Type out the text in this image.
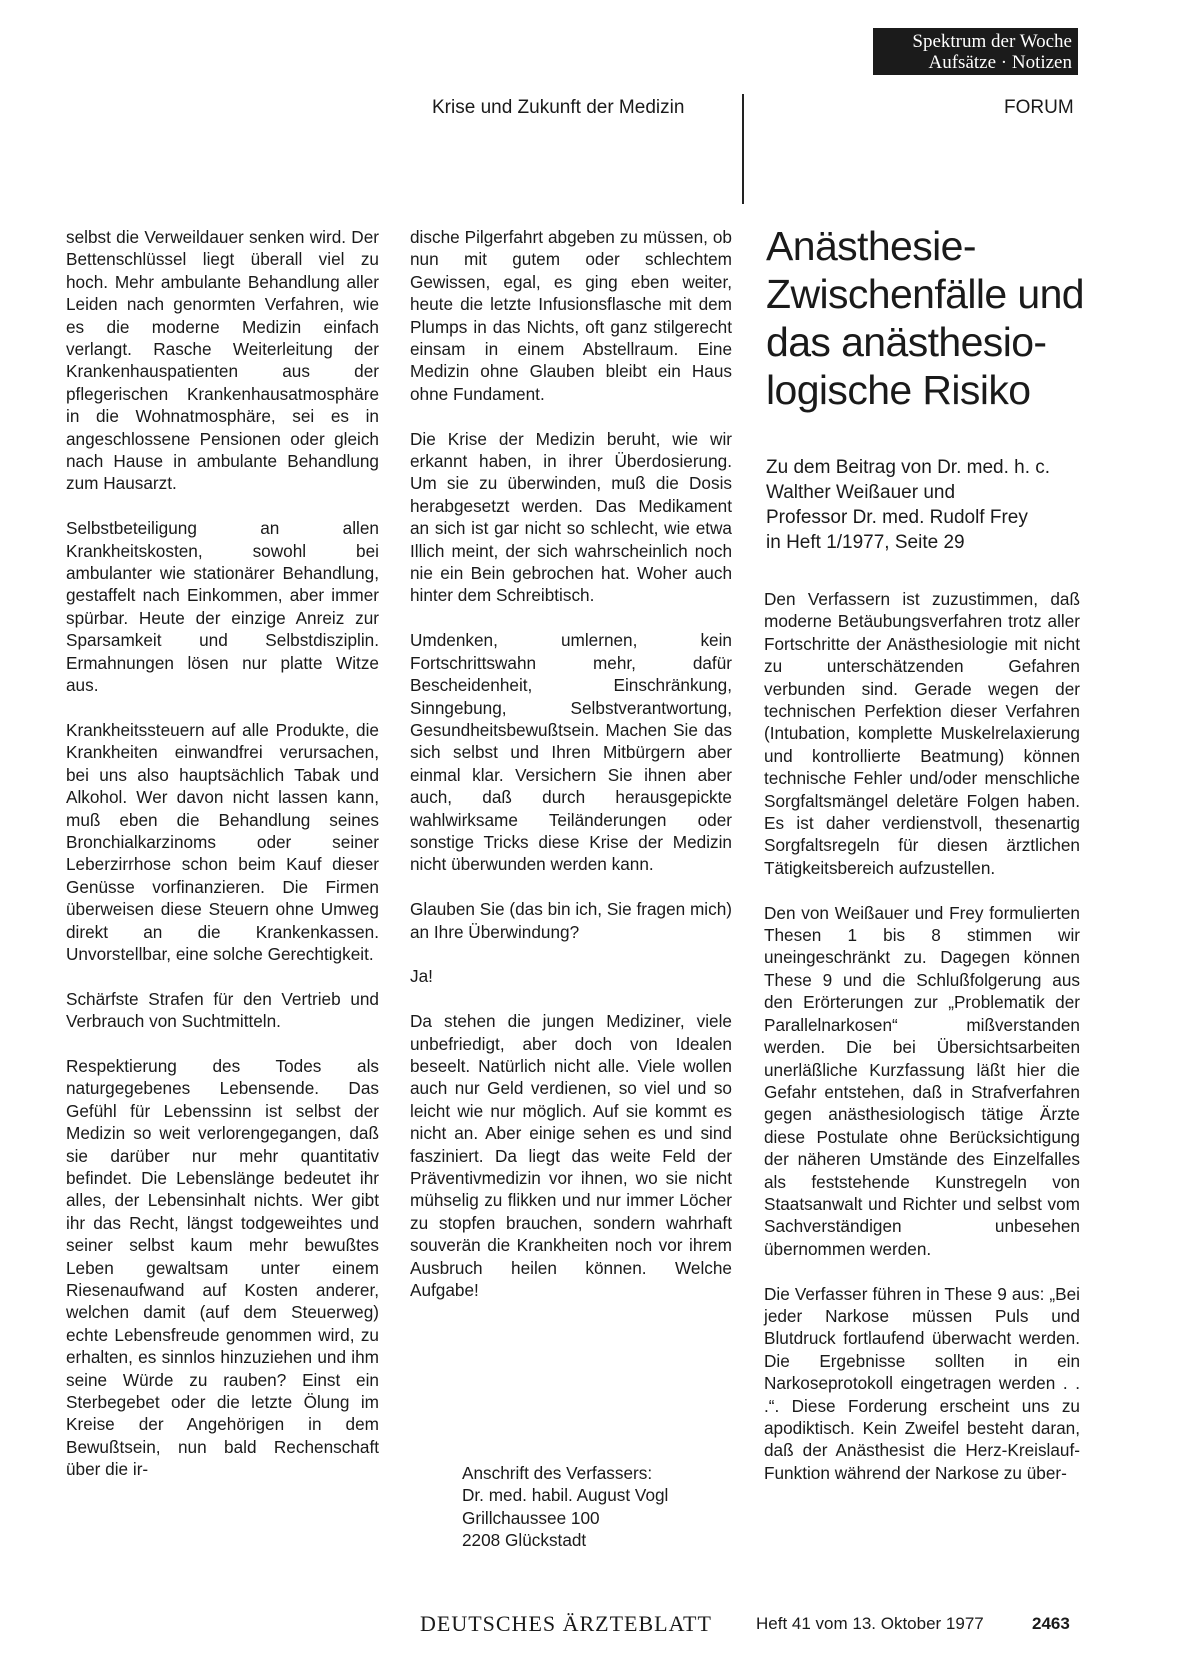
Spektrum der Woche
Aufsätze · Notizen
Krise und Zukunft der Medizin	FORUM

selbst die Verweildauer senken wird. Der Bettenschlüssel liegt überall viel zu hoch. Mehr ambulante Behandlung aller Leiden nach genormten Verfahren, wie es die moderne Medizin einfach verlangt. Rasche Weiterleitung der Krankenhauspatienten aus der pflegerischen Krankenhausatmosphäre in die Wohnatmosphäre, sei es in angeschlossene Pensionen oder gleich nach Hause in ambulante Behandlung zum Hausarzt.

Selbstbeteiligung an allen Krankheitskosten, sowohl bei ambulanter wie stationärer Behandlung, gestaffelt nach Einkommen, aber immer spürbar. Heute der einzige Anreiz zur Sparsamkeit und Selbstdisziplin. Ermahnungen lösen nur platte Witze aus.

Krankheitssteuern auf alle Produkte, die Krankheiten einwandfrei verursachen, bei uns also hauptsächlich Tabak und Alkohol. Wer davon nicht lassen kann, muß eben die Behandlung seines Bronchialkarzinoms oder seiner Leberzirrhose schon beim Kauf dieser Genüsse vorfinanzieren. Die Firmen überweisen diese Steuern ohne Umweg direkt an die Krankenkassen. Unvorstellbar, eine solche Gerechtigkeit.

Schärfste Strafen für den Vertrieb und Verbrauch von Suchtmitteln.

Respektierung des Todes als naturgegebenes Lebensende. Das Gefühl für Lebenssinn ist selbst der Medizin so weit verlorengegangen, daß sie darüber nur mehr quantitativ befindet. Die Lebenslänge bedeutet ihr alles, der Lebensinhalt nichts. Wer gibt ihr das Recht, längst todgeweihtes und seiner selbst kaum mehr bewußtes Leben gewaltsam unter einem Riesenaufwand auf Kosten anderer, welchen damit (auf dem Steuerweg) echte Lebensfreude genommen wird, zu erhalten, es sinnlos hinzuziehen und ihm seine Würde zu rauben? Einst ein Sterbegebet oder die letzte Ölung im Kreise der Angehörigen in dem Bewußtsein, nun bald Rechenschaft über die ir-

dische Pilgerfahrt abgeben zu müssen, ob nun mit gutem oder schlechtem Gewissen, egal, es ging eben weiter, heute die letzte Infusionsflasche mit dem Plumps in das Nichts, oft ganz stilgerecht einsam in einem Abstellraum. Eine Medizin ohne Glauben bleibt ein Haus ohne Fundament.

Die Krise der Medizin beruht, wie wir erkannt haben, in ihrer Überdosierung. Um sie zu überwinden, muß die Dosis herabgesetzt werden. Das Medikament an sich ist gar nicht so schlecht, wie etwa Illich meint, der sich wahrscheinlich noch nie ein Bein gebrochen hat. Woher auch hinter dem Schreibtisch.

Umdenken, umlernen, kein Fortschrittswahn mehr, dafür Bescheidenheit, Einschränkung, Sinngebung, Selbstverantwortung, Gesundheitsbewußtsein. Machen Sie das sich selbst und Ihren Mitbürgern aber einmal klar. Versichern Sie ihnen aber auch, daß durch herausgepickte wahlwirksame Teiländerungen oder sonstige Tricks diese Krise der Medizin nicht überwunden werden kann.

Glauben Sie (das bin ich, Sie fragen mich) an Ihre Überwindung?

Ja!

Da stehen die jungen Mediziner, viele unbefriedigt, aber doch von Idealen beseelt. Natürlich nicht alle. Viele wollen auch nur Geld verdienen, so viel und so leicht wie nur möglich. Auf sie kommt es nicht an. Aber einige sehen es und sind fasziniert. Da liegt das weite Feld der Präventivmedizin vor ihnen, wo sie nicht mühselig zu flikken und nur immer Löcher zu stopfen brauchen, sondern wahrhaft souverän die Krankheiten noch vor ihrem Ausbruch heilen können. Welche Aufgabe!

Anschrift des Verfassers:
Dr. med. habil. August Vogl
Grillchaussee 100
2208 Glückstadt
Anästhesie-
Zwischenfälle und
das anästhesio-
logische Risiko
Zu dem Beitrag von Dr. med. h. c.
Walther Weißauer und
Professor Dr. med. Rudolf Frey
in Heft 1/1977, Seite 29

Den Verfassern ist zuzustimmen, daß moderne Betäubungsverfahren trotz aller Fortschritte der Anästhesiologie mit nicht zu unterschätzenden Gefahren verbunden sind. Gerade wegen der technischen Perfektion dieser Verfahren (Intubation, komplette Muskelrelaxierung und kontrollierte Beatmung) können technische Fehler und/oder menschliche Sorgfaltsmängel deletäre Folgen haben. Es ist daher verdienstvoll, thesenartig Sorgfaltsregeln für diesen ärztlichen Tätigkeitsbereich aufzustellen.

Den von Weißauer und Frey formulierten Thesen 1 bis 8 stimmen wir uneingeschränkt zu. Dagegen können These 9 und die Schlußfolgerung aus den Erörterungen zur „Problematik der Parallelnarkosen“ mißverstanden werden. Die bei Übersichtsarbeiten unerläßliche Kurzfassung läßt hier die Gefahr entstehen, daß in Strafverfahren gegen anästhesiologisch tätige Ärzte diese Postulate ohne Berücksichtigung der näheren Umstände des Einzelfalles als feststehende Kunstregeln von Staatsanwalt und Richter und selbst vom Sachverständigen unbesehen übernommen werden.

Die Verfasser führen in These 9 aus: „Bei jeder Narkose müssen Puls und Blutdruck fortlaufend überwacht werden. Die Ergebnisse sollten in ein Narkoseprotokoll eingetragen werden . . .“. Diese Forderung erscheint uns zu apodiktisch. Kein Zweifel besteht daran, daß der Anästhesist die Herz-Kreislauf-Funktion während der Narkose zu über-

DEUTSCHES ÄRZTEBLATT	Heft 41 vom 13. Oktober 1977	2463
